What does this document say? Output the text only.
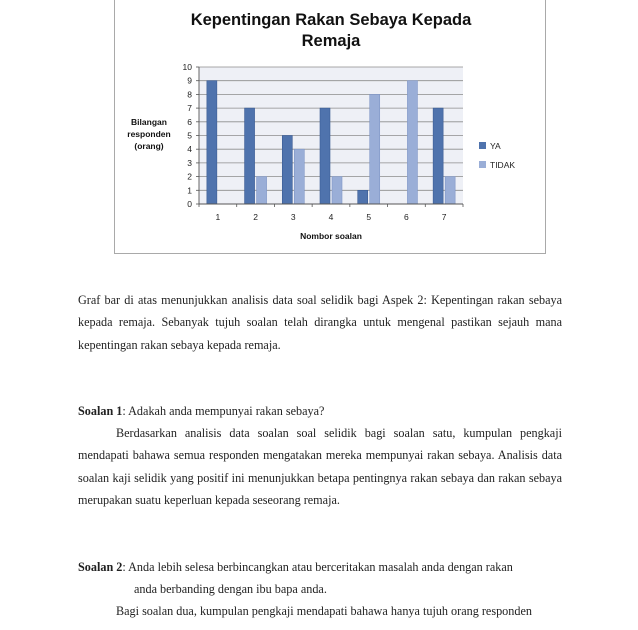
Kepentingan Rakan Sebaya Kepada
Remaja
Bilangan
responden
(orang)
Nombor soalan
0
1
2
3
4
5
6
7
8
9
10
1	2	3	4	5	6	7
YA
TIDAK

Graf bar di atas menunjukkan analisis data soal selidik bagi Aspek 2: Kepentingan rakan sebaya kepada remaja. Sebanyak tujuh soalan telah dirangka untuk mengenal pastikan sejauh mana kepentingan rakan sebaya kepada remaja.

Soalan 1: Adakah anda mempunyai rakan sebaya?

Berdasarkan analisis data soalan soal selidik bagi soalan satu, kumpulan pengkaji mendapati bahawa semua responden mengatakan mereka mempunyai rakan sebaya. Analisis data soalan kaji selidik yang positif ini menunjukkan betapa pentingnya rakan sebaya dan rakan sebaya merupakan suatu keperluan kepada seseorang remaja.

Soalan 2: Anda lebih selesa berbincangkan atau berceritakan masalah anda dengan rakan

anda berbanding dengan ibu bapa anda.

Bagi soalan dua, kumpulan pengkaji mendapati bahawa hanya tujuh orang responden
